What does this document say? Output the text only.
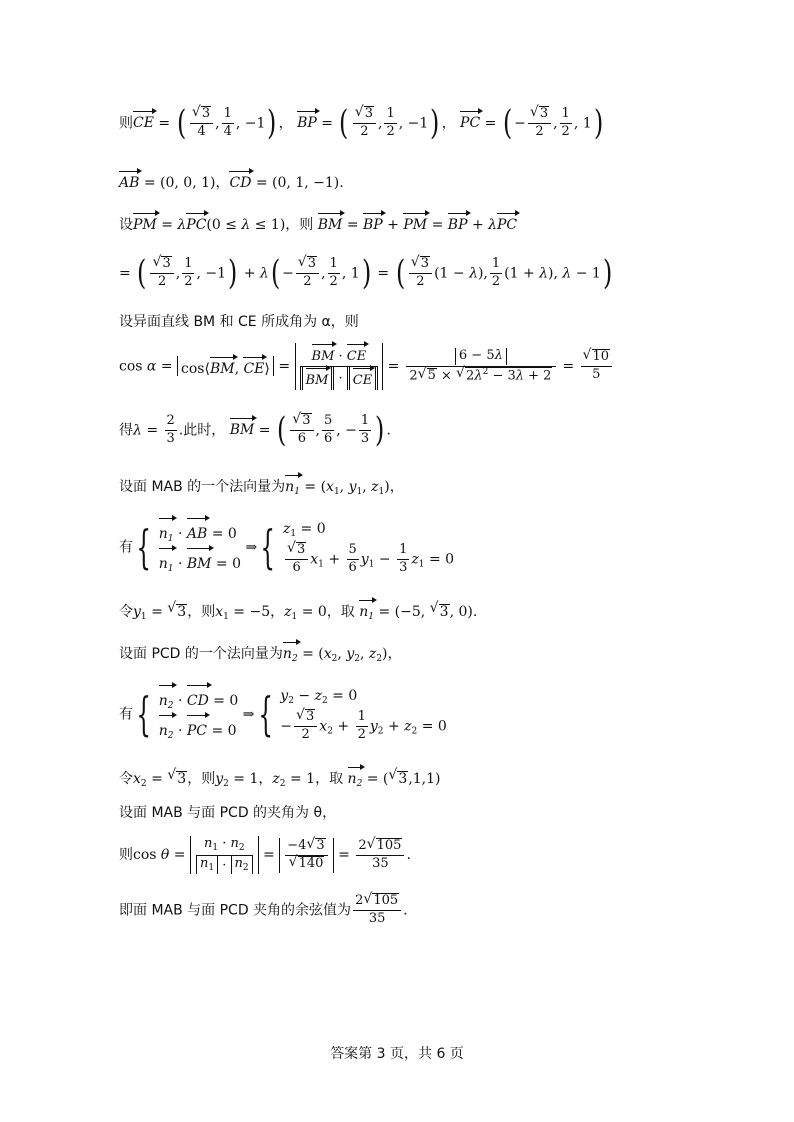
则CE = (
√ $\frac{3}{4}$ , $\frac{1}{4}$ , −1) ， BP = (
√ $\frac{3}{2}$ , $\frac{1}{2}$ , −1) ， PC = ( −
√ $\frac{3}{2}$ , $\frac{1}{2}$ , 1)
AB = (0, 0, 1)，CD = (0, 1, −1).
设PM = λPC(0 ≤ λ ≤ 1)，则 BM = BP + PM = BP + λPC
= (
√ $\frac{3}{2}$ , $\frac{1}{2}$ , −1) + λ( −
√ $\frac{3}{2}$ , $\frac{1}{2}$ , 1) = (
√ $\frac{3}{2} (1 - \lambda)$, $\frac{1}{2} (1 + \lambda)$, λ − 1)
设异面直线 BM 和 CE 所成角为 α，则
cos α = cos⟨BM, CE⟩ = $\frac{BM \cdot CE}{BM \cdot CE} = \frac{6 - 5\lambda}{2√ 5 \times √ 2\lambda^2 - 3\lambda + 2}$ =
√ $\frac{10}{5}$
得$\lambda = \frac{2}{3}$ .此时， BM = (
√ $\frac{3}{6}$ , $\frac{5}{6}$ , − $\frac{1}{3}$ ) .
设面 MAB 的一个法向量为$n_1 = (x_1$, $y_1$, $z_1$)，
有{ $n_1$ · AB = 0
$n_1$ · BM = 0
⇒{ $z_1 = 0$
√ $\frac{3}{6} x_1 + \frac{5}{6} y_1 - \frac{1}{3} z_1 = 0$
令$y_1$ = √ 3，则$x_1 = -5$，$z_1 = 0$，取 $n_1 = (-5$, √ 3, 0).
设面 PCD 的一个法向量为$n_2 = (x_2$, $y_2$, $z_2$)，
有{ $n_2$ · CD = 0
$n_2$ · PC = 0
⇒{ $y_2 - z_2 = 0$
−
√ $\frac{3}{2} x_2 + \frac{1}{2} y_2 + z_2 = 0$
令$x_2$ = √ 3，则$y_2 = 1$，$z_2 = 1$，取 $n_2$ = (√ 3,1,1)
设面 MAB 与面 PCD 的夹角为 θ，
则$\cos \theta = \frac{n_1 \cdot n_2}{n_1 \cdot n_2} = -4√$ 3
√ $140 = \frac{2√ 105}{35}$ .
即面 MAB 与面 PCD 夹角的余弦值为 $\frac{2√ 105}{35}$ .
答案第 3 页，共 6 页
